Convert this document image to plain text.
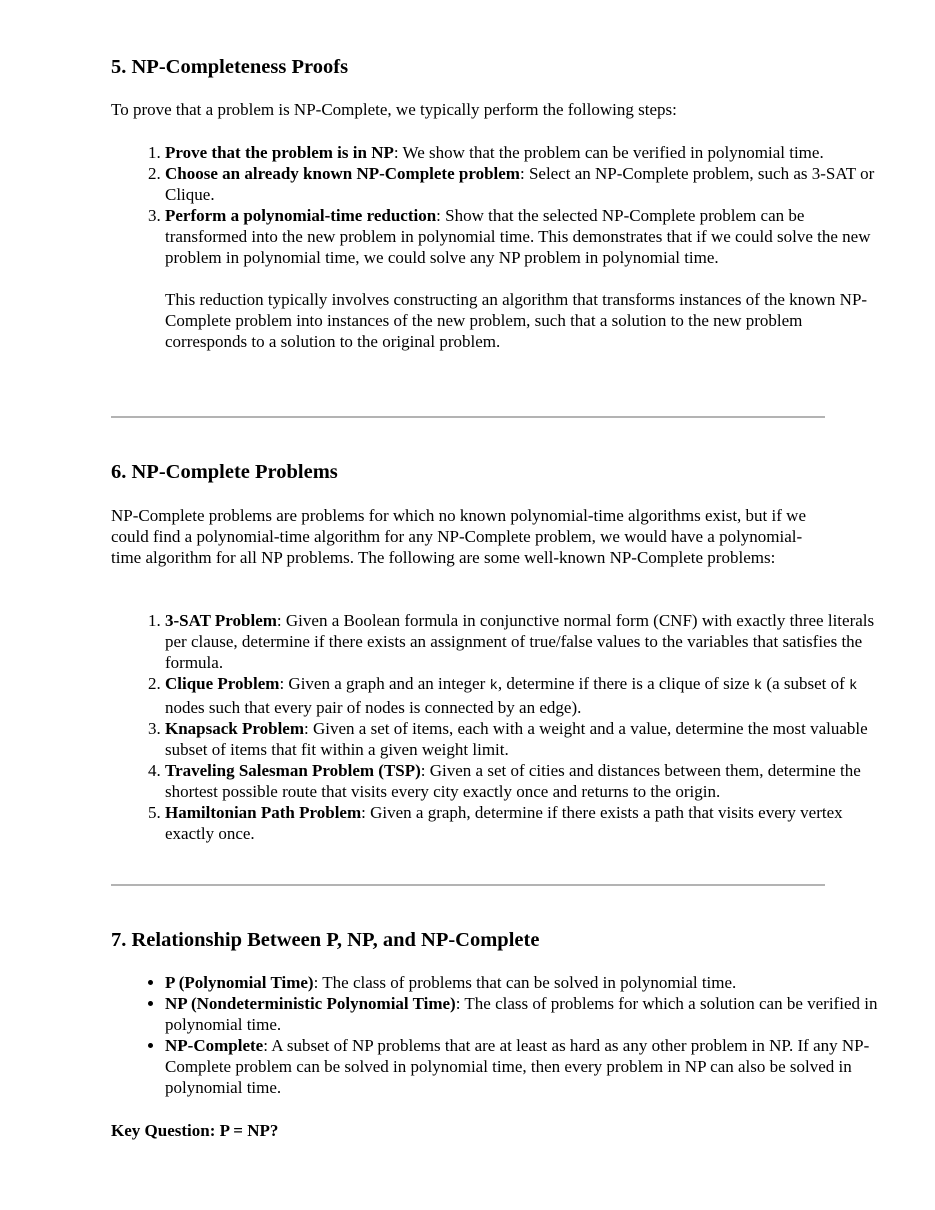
5. NP-Completeness Proofs

To prove that a problem is NP-Complete, we typically perform the following steps:

1. Prove that the problem is in NP: We show that the problem can be verified in polynomial time.
2. Choose an already known NP-Complete problem: Select an NP-Complete problem, such as 3-SAT or Clique.
3. Perform a polynomial-time reduction: Show that the selected NP-Complete problem can be transformed into the new problem in polynomial time. This demonstrates that if we could solve the new problem in polynomial time, we could solve any NP problem in polynomial time.
This reduction typically involves constructing an algorithm that transforms instances of the known NP-Complete problem into instances of the new problem, such that a solution to the new problem corresponds to a solution to the original problem.
6. NP-Complete Problems

NP-Complete problems are problems for which no known polynomial-time algorithms exist, but if we could find a polynomial-time algorithm for any NP-Complete problem, we would have a polynomial-time algorithm for all NP problems. The following are some well-known NP-Complete problems:

1. 3-SAT Problem: Given a Boolean formula in conjunctive normal form (CNF) with exactly three literals per clause, determine if there exists an assignment of true/false values to the variables that satisfies the formula.
2. Clique Problem: Given a graph and an integer k, determine if there is a clique of size k (a subset of k nodes such that every pair of nodes is connected by an edge).
3. Knapsack Problem: Given a set of items, each with a weight and a value, determine the most valuable subset of items that fit within a given weight limit.
4. Traveling Salesman Problem (TSP): Given a set of cities and distances between them, determine the shortest possible route that visits every city exactly once and returns to the origin.
5. Hamiltonian Path Problem: Given a graph, determine if there exists a path that visits every vertex exactly once.
7. Relationship Between P, NP, and NP-Complete
• P (Polynomial Time): The class of problems that can be solved in polynomial time.
• NP (Nondeterministic Polynomial Time): The class of problems for which a solution can be verified in polynomial time.
• NP-Complete: A subset of NP problems that are at least as hard as any other problem in NP. If any NP-Complete problem can be solved in polynomial time, then every problem in NP can also be solved in polynomial time.

Key Question: P = NP?
